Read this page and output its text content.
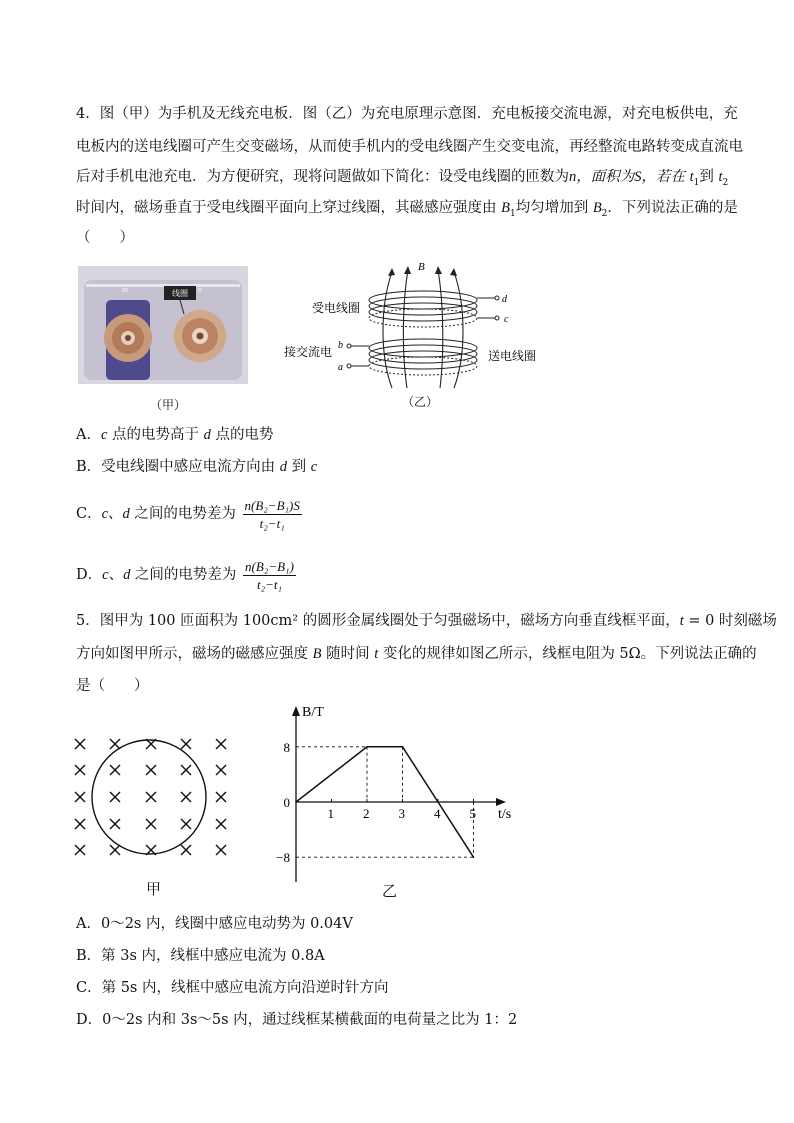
4．图（甲）为手机及无线充电板．图（乙）为充电原理示意图．充电板接交流电源，对充电板供电，充
电板内的送电线圈可产生交变磁场，从而使手机内的受电线圈产生交变电流，再经整流电路转变成直流电
后对手机电池充电．为方便研究，现将问题做如下简化：设受电线圈的匝数为n，面积为S，若在 $t_1$到 $t_2$
时间内，磁场垂直于受电线圈平面向上穿过线圈，其磁感应强度由 $B_1$均匀增加到 $B_2$．下列说法正确的是
（　　）
线圈
III	II
（甲）
B
d
c
b
a
受电线圈
接交流电	送电线圈
（乙）
A．c 点的电势高于 d 点的电势
B．受电线圈中感应电流方向由 d 到 c
C．c、d 之间的电势差为 $\frac{\text{n(B₂−B₁)S}}{\text{t₂−t₁}}$
D．c、d 之间的电势差为 $\frac{\text{n(B₂−B₁)}}{\text{t₂−t₁}}$
5．图甲为 100 匝面积为 100cm² 的圆形金属线圈处于匀强磁场中，磁场方向垂直线框平面，t = 0 时刻磁场
方向如图甲所示，磁场的磁感应强度 B 随时间 t 变化的规律如图乙所示，线框电阻为 5Ω。下列说法正确的
是（　　）
甲
1 2 3 4 5
8
0
−8
B/T
t/s
乙
A．0～2s 内，线圈中感应电动势为 0.04V
B．第 3s 内，线框中感应电流为 0.8A
C．第 5s 内，线框中感应电流方向沿逆时针方向
D．0～2s 内和 3s～5s 内，通过线框某横截面的电荷量之比为 1：2
